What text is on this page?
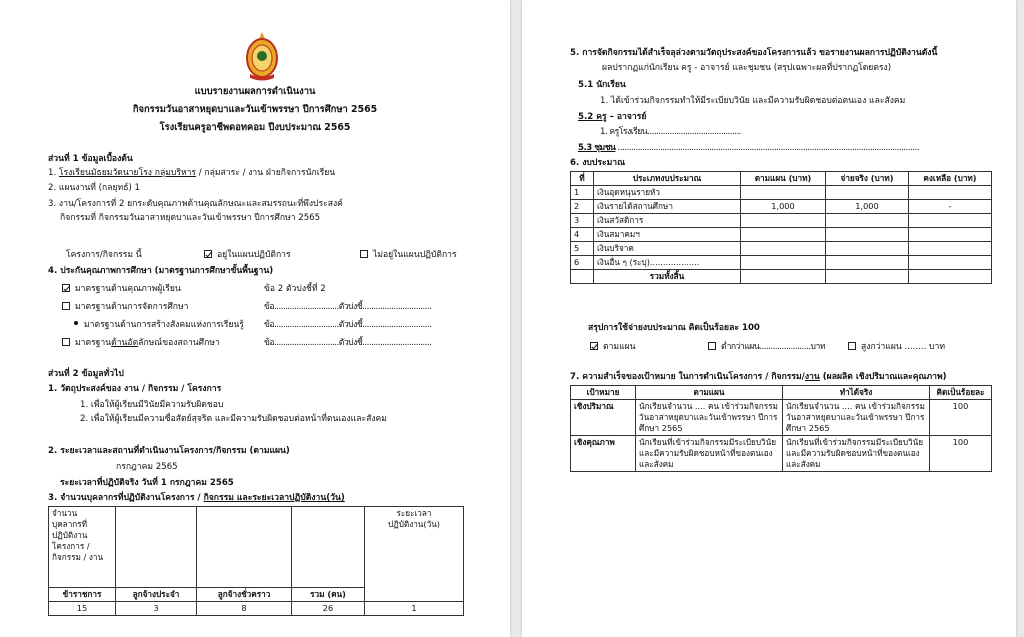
แบบรายงานผลการดำเนินงาน
กิจกรรมวันอาสาหยุดบาและวันเข้าพรรษา ปีการศึกษา 2565
โรงเรียนครูอาชีพดอทคอม ปีงบประมาณ 2565
ส่วนที่ 1 ข้อมูลเบื้องต้น
1. โรงเรียนมัธยมวัดนายโรง กลุ่มบริหาร / กลุ่มสาระ / งาน ฝ่ายกิจการนักเรียน
2. แผนงานที่ (กลยุทธ์) 1
3. งาน/โครงการที่ 2 ยกระดับคุณภาพด้านคุณลักษณะและสมรรถนะที่พึงประสงค์
กิจกรรมที่ กิจกรรมวันอาสาหยุดบาและวันเข้าพรรษา ปีการศึกษา 2565
โครงการ/กิจกรรม นี้	อยู่ในแผนปฏิบัติการ	ไม่อยู่ในแผนปฏิบัติการ
4. ประกันคุณภาพการศึกษา (มาตรฐานการศึกษาขั้นพื้นฐาน)
มาตรฐานด้านคุณภาพผู้เรียน	ข้อ 2 ตัวบ่งชี้ที่ 2
มาตรฐานด้านการจัดการศึกษา	ข้อ.............................ตัวบ่งชี้...............................
มาตรฐานด้านการสร้างสังคมแห่งการเรียนรู้ ข้อ.............................ตัวบ่งชี้...............................
มาตรฐานด้านอัตลักษณ์ของสถานศึกษา	ข้อ.............................ตัวบ่งชี้...............................
ส่วนที่ 2 ข้อมูลทั่วไป
1. วัตถุประสงค์ของ งาน / กิจกรรม / โครงการ
1. เพื่อให้ผู้เรียนมีวินัยมีความรับผิดชอบ
2. เพื่อให้ผู้เรียนมีความซื่อสัตย์สุจริต และมีความรับผิดชอบต่อหน้าที่ตนเองและสังคม
2. ระยะเวลาและสถานที่ดำเนินงานโครงการ/กิจกรรม (ตามแผน)
กรกฎาคม 2565
ระยะเวลาที่ปฏิบัติจริง วันที่ 1 กรกฎาคม 2565
3. จำนวนบุคลากรที่ปฏิบัติงานโครงการ / กิจกรรม และระยะเวลาปฏิบัติงาน(วัน)
จำนวน
บุคลากรที่
ปฏิบัติงาน
โครงการ /
กิจกรรม / งาน				ระยะเวลา
ปฏิบัติงาน(วัน)
ข้าราชการ	ลูกจ้างประจำ	ลูกจ้างชั่วคราว	รวม (คน)	
15	3	8	26	1
5. การจัดกิจกรรมได้สำเร็จลุล่วงตามวัตถุประสงค์ของโครงการแล้ว ขอรายงานผลการปฏิบัติงานดังนี้
ผลปรากฏแก่นักเรียน ครู - อาจารย์ และชุมชน (สรุปเฉพาะผลที่ปรากฏโดยตรง)
5.1 นักเรียน
1. ได้เข้าร่วมกิจกรรมทำให้มีระเบียบวินัย และมีความรับผิดชอบต่อตนเอง และสังคม
5.2 ครู – อาจารย์
1. ครูโรงเรียน..........................................
5.3 ชุมชน .......................................................................................................................................
6. งบประมาณ
ที่	ประเภทงบประมาณ	ตามแผน (บาท)	จ่ายจริง (บาท)	คงเหลือ (บาท)
1	เงินอุดหนุนรายหัว			
2	เงินรายได้สถานศึกษา	1,000	1,000	-
3	เงินสวัสดิการ			
4	เงินสมาคมฯ			
5	เงินบริจาค			
6	เงินอื่น ๆ (ระบุ)...................			
	รวมทั้งสิ้น			
สรุปการใช้จ่ายงบประมาณ คิดเป็นร้อยละ 100
ตามแผน	ต่ำกว่าแผน.......................บาท	สูงกว่าแผน ........ บาท
7. ความสำเร็จของเป้าหมาย ในการดำเนินโครงการ / กิจกรรม/งาน (ผลผลิต เชิงปริมาณและคุณภาพ)
เป้าหมาย	ตามแผน	ทำได้จริง	คิดเป็นร้อยละ
เชิงปริมาณ	นักเรียนจำนวน .... คน เข้าร่วมกิจกรรมวันอาสาหยุดบาและวันเข้าพรรษา ปีการศึกษา 2565	นักเรียนจำนวน .... คน เข้าร่วมกิจกรรมวันอาสาหยุดบาและวันเข้าพรรษา ปีการศึกษา 2565	100
เชิงคุณภาพ	นักเรียนที่เข้าร่วมกิจกรรมมีระเบียบวินัยและมีความรับผิดชอบหน้าที่ของตนเอง และสังคม	นักเรียนที่เข้าร่วมกิจกรรมมีระเบียบวินัยและมีความรับผิดชอบหน้าที่ของตนเอง และสังคม	100
